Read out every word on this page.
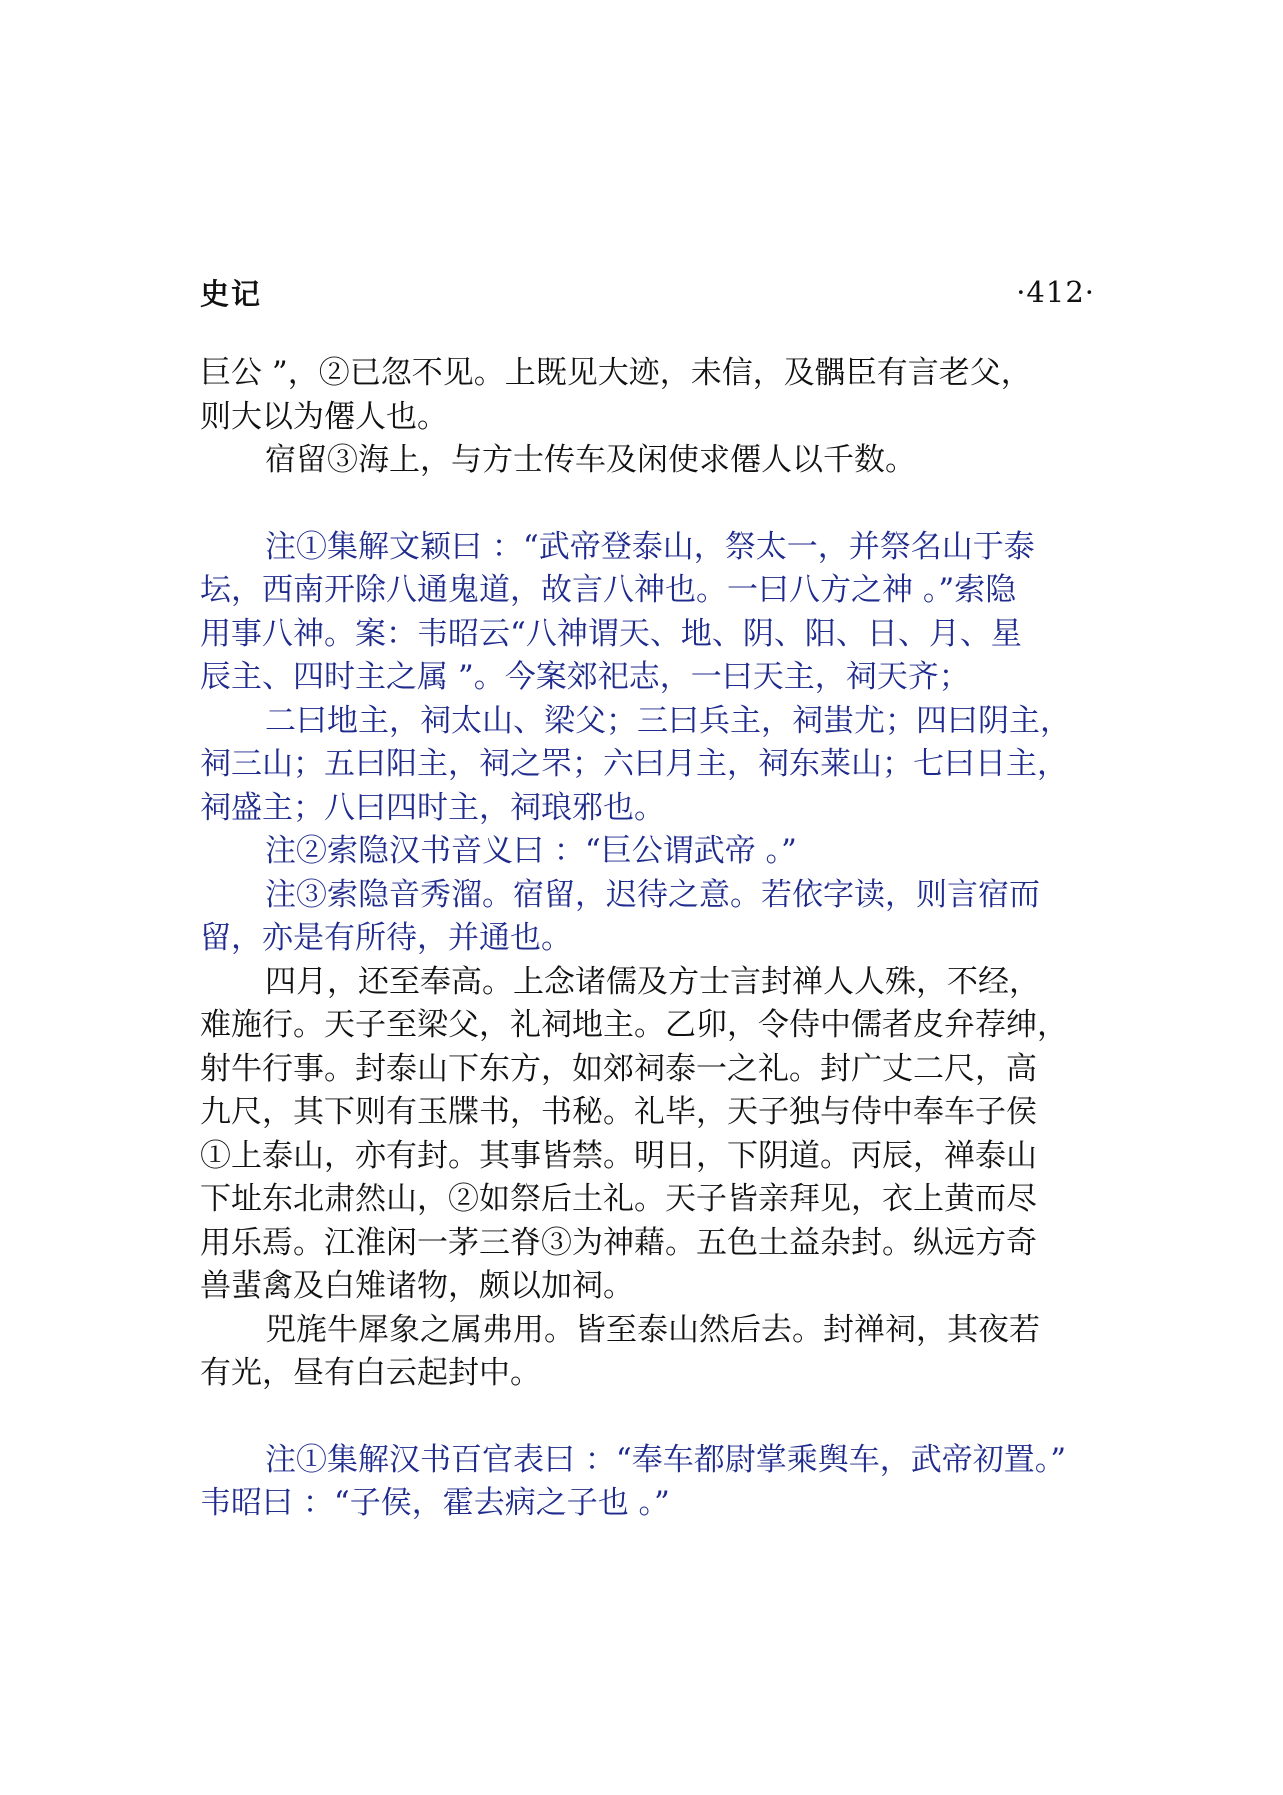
史记	·412·

巨公 ”，②已忽不见。上既见大迹，未信，及髃臣有言老父，

则大以为僊人也。

宿留③海上，与方士传车及闲使求僊人以千数。

注①集解文颖曰 ：“武帝登泰山，祭太一，并祭名山于泰

坛，西南开除八通鬼道，故言八神也。一曰八方之神 。”索隐

用事八神。案：韦昭云“八神谓天、地、阴、阳、日、月、星

辰主、四时主之属 ”。今案郊祀志，一曰天主，祠天齐；

二曰地主，祠太山、梁父；三曰兵主，祠蚩尤；四曰阴主，

祠三山；五曰阳主，祠之罘；六曰月主，祠东莱山；七曰日主，

祠盛主；八曰四时主，祠琅邪也。

注②索隐汉书音义曰 ：“巨公谓武帝 。”

注③索隐音秀溜。宿留，迟待之意。若依字读，则言宿而

留，亦是有所待，并通也。

四月，还至奉高。上念诸儒及方士言封禅人人殊，不经，

难施行。天子至梁父，礼祠地主。乙卯，令侍中儒者皮弁荐绅，

射牛行事。封泰山下东方，如郊祠泰一之礼。封广丈二尺，高

九尺，其下则有玉牒书，书秘。礼毕，天子独与侍中奉车子侯

①上泰山，亦有封。其事皆禁。明日，下阴道。丙辰，禅泰山

下址东北肃然山，②如祭后土礼。天子皆亲拜见，衣上黄而尽

用乐焉。江淮闲一茅三脊③为神藉。五色土益杂封。纵远方奇

兽蜚禽及白雉诸物，颇以加祠。

兕旄牛犀象之属弗用。皆至泰山然后去。封禅祠，其夜若

有光，昼有白云起封中。

注①集解汉书百官表曰 ：“奉车都尉掌乘舆车，武帝初置。”

韦昭曰 ：“子侯，霍去病之子也 。”
